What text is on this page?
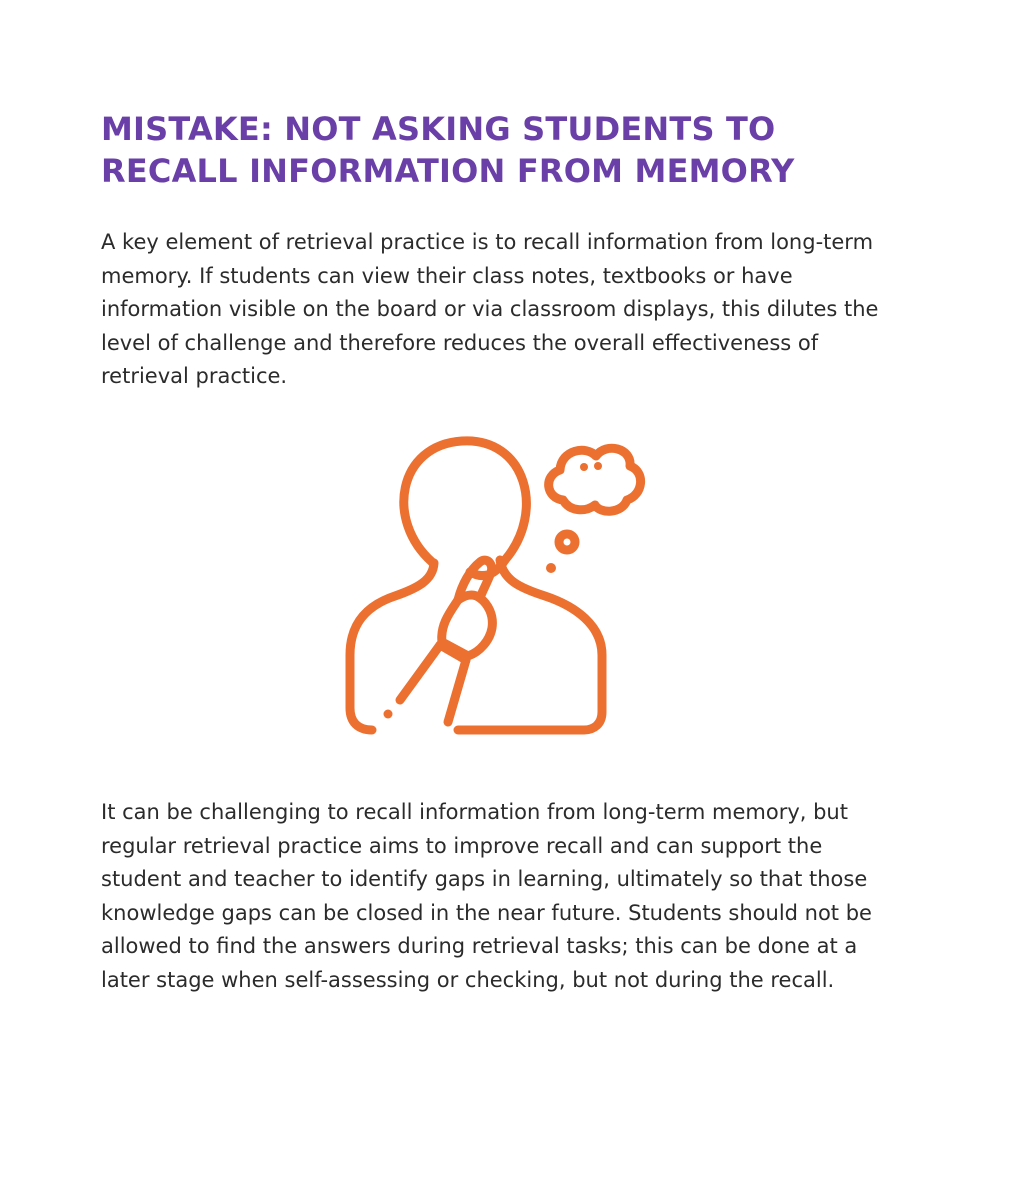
MISTAKE: NOT ASKING STUDENTS TO RECALL INFORMATION FROM MEMORY

A key element of retrieval practice is to recall information from long-term memory. If students can view their class notes, textbooks or have information visible on the board or via classroom displays, this dilutes the level of challenge and therefore reduces the overall effectiveness of retrieval practice.

It can be challenging to recall information from long-term memory, but regular retrieval practice aims to improve recall and can support the student and teacher to identify gaps in learning, ultimately so that those knowledge gaps can be closed in the near future. Students should not be allowed to find the answers during retrieval tasks; this can be done at a later stage when self-assessing or checking, but not during the recall.
